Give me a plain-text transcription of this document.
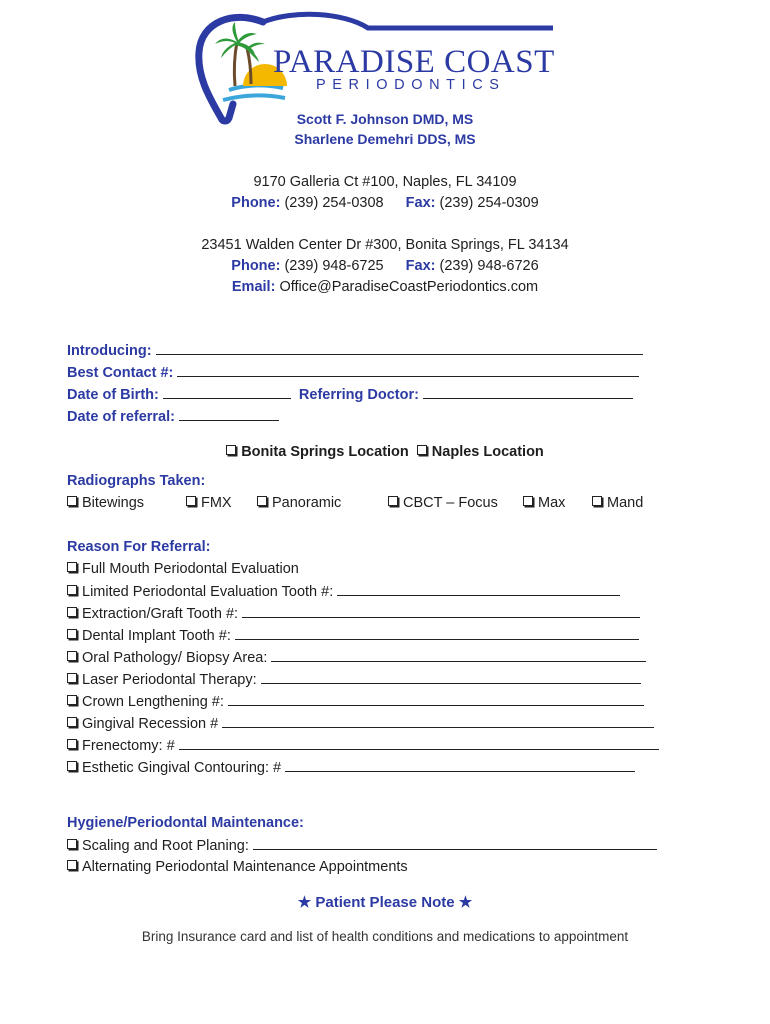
PARADISE COAST
PERIODONTICS
Scott F. Johnson DMD, MS
Sharlene Demehri DDS, MS
9170 Galleria Ct #100, Naples, FL 34109
Phone: (239) 254-0308 Fax: (239) 254-0309
23451 Walden Center Dr #300, Bonita Springs, FL 34134
Phone: (239) 948-6725 Fax: (239) 948-6726
Email: Office@ParadiseCoastPeriodontics.com
Introducing:
Best Contact #:
Date of Birth:	Referring Doctor:
Date of referral:
Bonita Springs Location Naples Location
Radiographs Taken:
Bitewings	FMX	Panoramic	CBCT – Focus	Max	Mand
Reason For Referral:
Full Mouth Periodontal Evaluation
Limited Periodontal Evaluation Tooth #:
Extraction/Graft Tooth #:
Dental Implant Tooth #:
Oral Pathology/ Biopsy Area:
Laser Periodontal Therapy:
Crown Lengthening #:
Gingival Recession #
Frenectomy: #
Esthetic Gingival Contouring: #
Hygiene/Periodontal Maintenance:
Scaling and Root Planing:
Alternating Periodontal Maintenance Appointments
★ Patient Please Note ★
Bring Insurance card and list of health conditions and medications to appointment
